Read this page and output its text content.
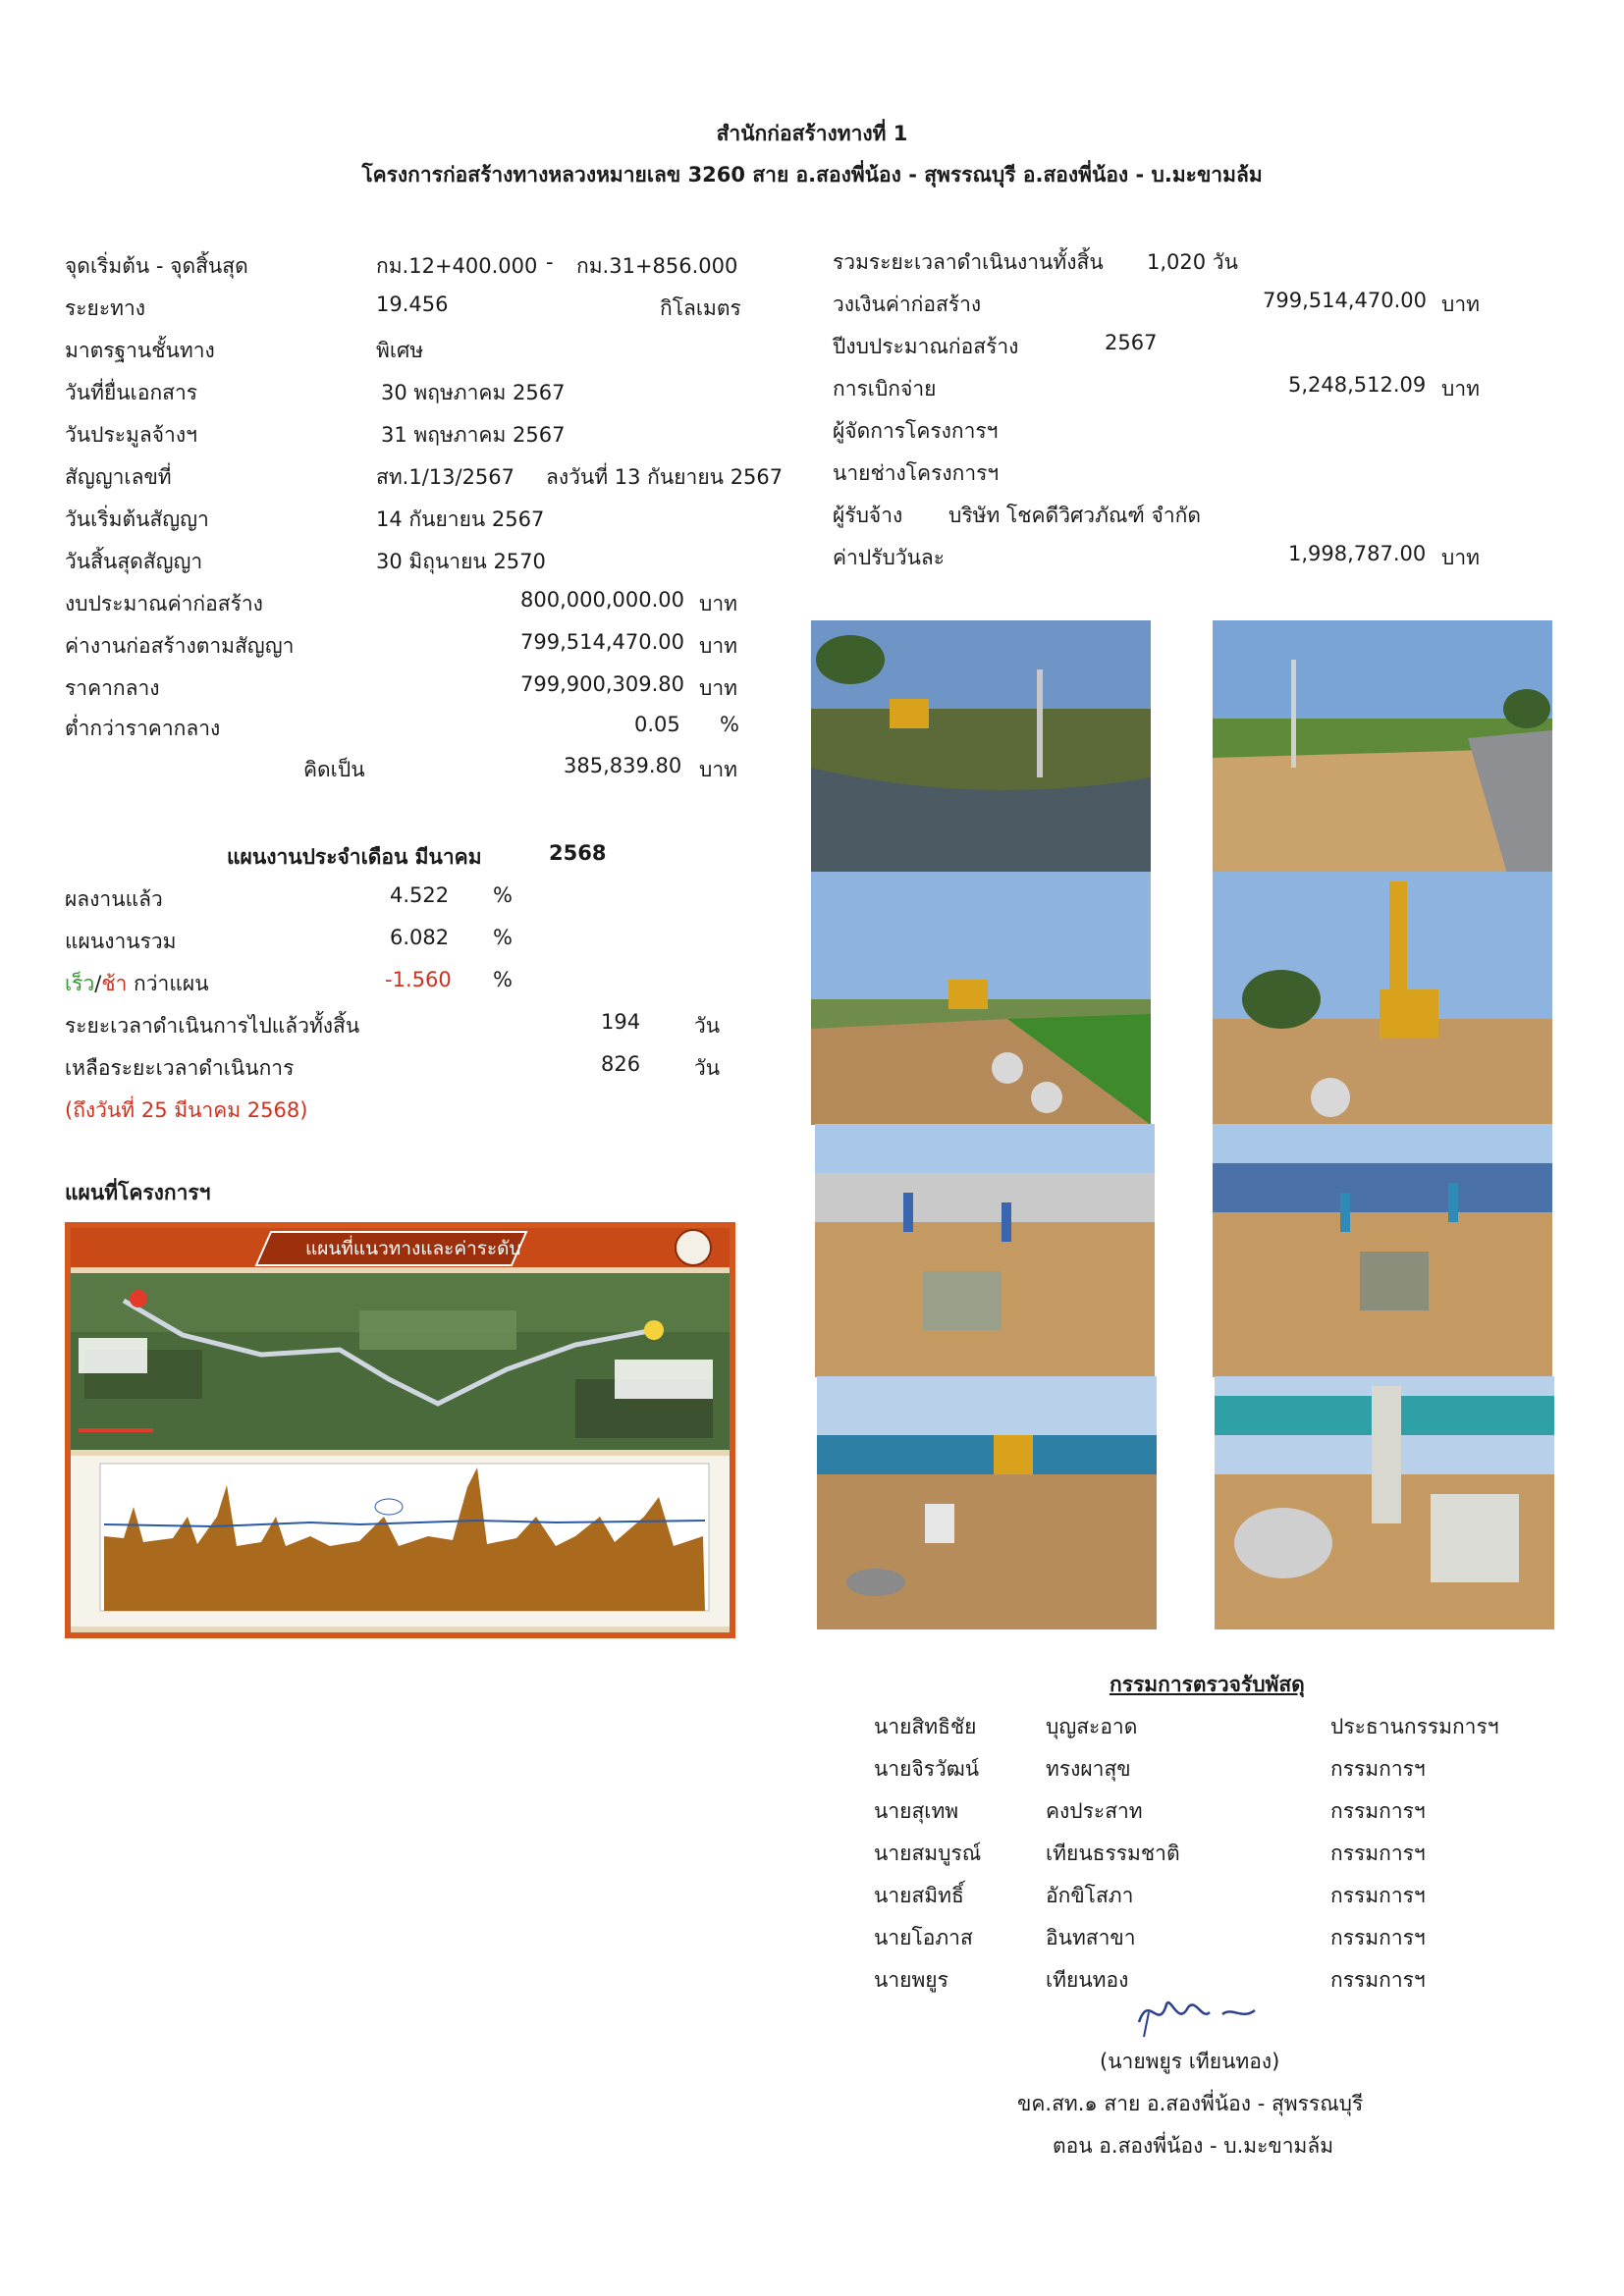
สำนักก่อสร้างทางที่ 1
โครงการก่อสร้างทางหลวงหมายเลข 3260 สาย อ.สองพี่น้อง - สุพรรณบุรี อ.สองพี่น้อง - บ.มะขามล้ม
จุดเริ่มต้น - จุดสิ้นสุด	กม.12+400.000 - กม.31+856.000
ระยะทาง	19.456	กิโลเมตร
มาตรฐานชั้นทาง	พิเศษ
วันที่ยื่นเอกสาร	30 พฤษภาคม 2567
วันประมูลจ้างฯ	31 พฤษภาคม 2567
สัญญาเลขที่	สท.1/13/2567 ลงวันที่ 13 กันยายน 2567
วันเริ่มต้นสัญญา	14 กันยายน 2567
วันสิ้นสุดสัญญา	30 มิถุนายน 2570
งบประมาณค่าก่อสร้าง	800,000,000.00 บาท
ค่างานก่อสร้างตามสัญญา	799,514,470.00 บาท
ราคากลาง	799,900,309.80 บาท
ต่ำกว่าราคากลาง	0.05 %
คิดเป็น	385,839.80 บาท
รวมระยะเวลาดำเนินงานทั้งสิ้น 1,020 วัน
วงเงินค่าก่อสร้าง	799,514,470.00 บาท
ปีงบประมาณก่อสร้าง	2567
การเบิกจ่าย	5,248,512.09 บาท
ผู้จัดการโครงการฯ
นายช่างโครงการฯ
ผู้รับจ้าง บริษัท โชคดีวิศวภัณฑ์ จำกัด
ค่าปรับวันละ	1,998,787.00 บาท
แผนงานประจำเดือน มีนาคม	2568
ผลงานแล้ว	4.522 %
แผนงานรวม	6.082 %
เร็ว/ช้า กว่าแผน	-1.560 %
ระยะเวลาดำเนินการไปแล้วทั้งสิ้น	194	วัน
เหลือระยะเวลาดำเนินการ	826	วัน
(ถึงวันที่ 25 มีนาคม 2568)
แผนที่โครงการฯ
แผนที่แนวทางและค่าระดับ
กรรมการตรวจรับพัสดุ
นายสิทธิชัย	บุญสะอาด	ประธานกรรมการฯ
นายจิรวัฒน์	ทรงผาสุข	กรรมการฯ
นายสุเทพ	คงประสาท	กรรมการฯ
นายสมบูรณ์	เทียนธรรมชาติ	กรรมการฯ
นายสมิทธิ์	อักขิโสภา	กรรมการฯ
นายโอภาส	อินทสาขา	กรรมการฯ
นายพยูร	เทียนทอง	กรรมการฯ
(นายพยูร เทียนทอง)
ขค.สท.๑ สาย อ.สองพี่น้อง - สุพรรณบุรี
ตอน อ.สองพี่น้อง - บ.มะขามล้ม
